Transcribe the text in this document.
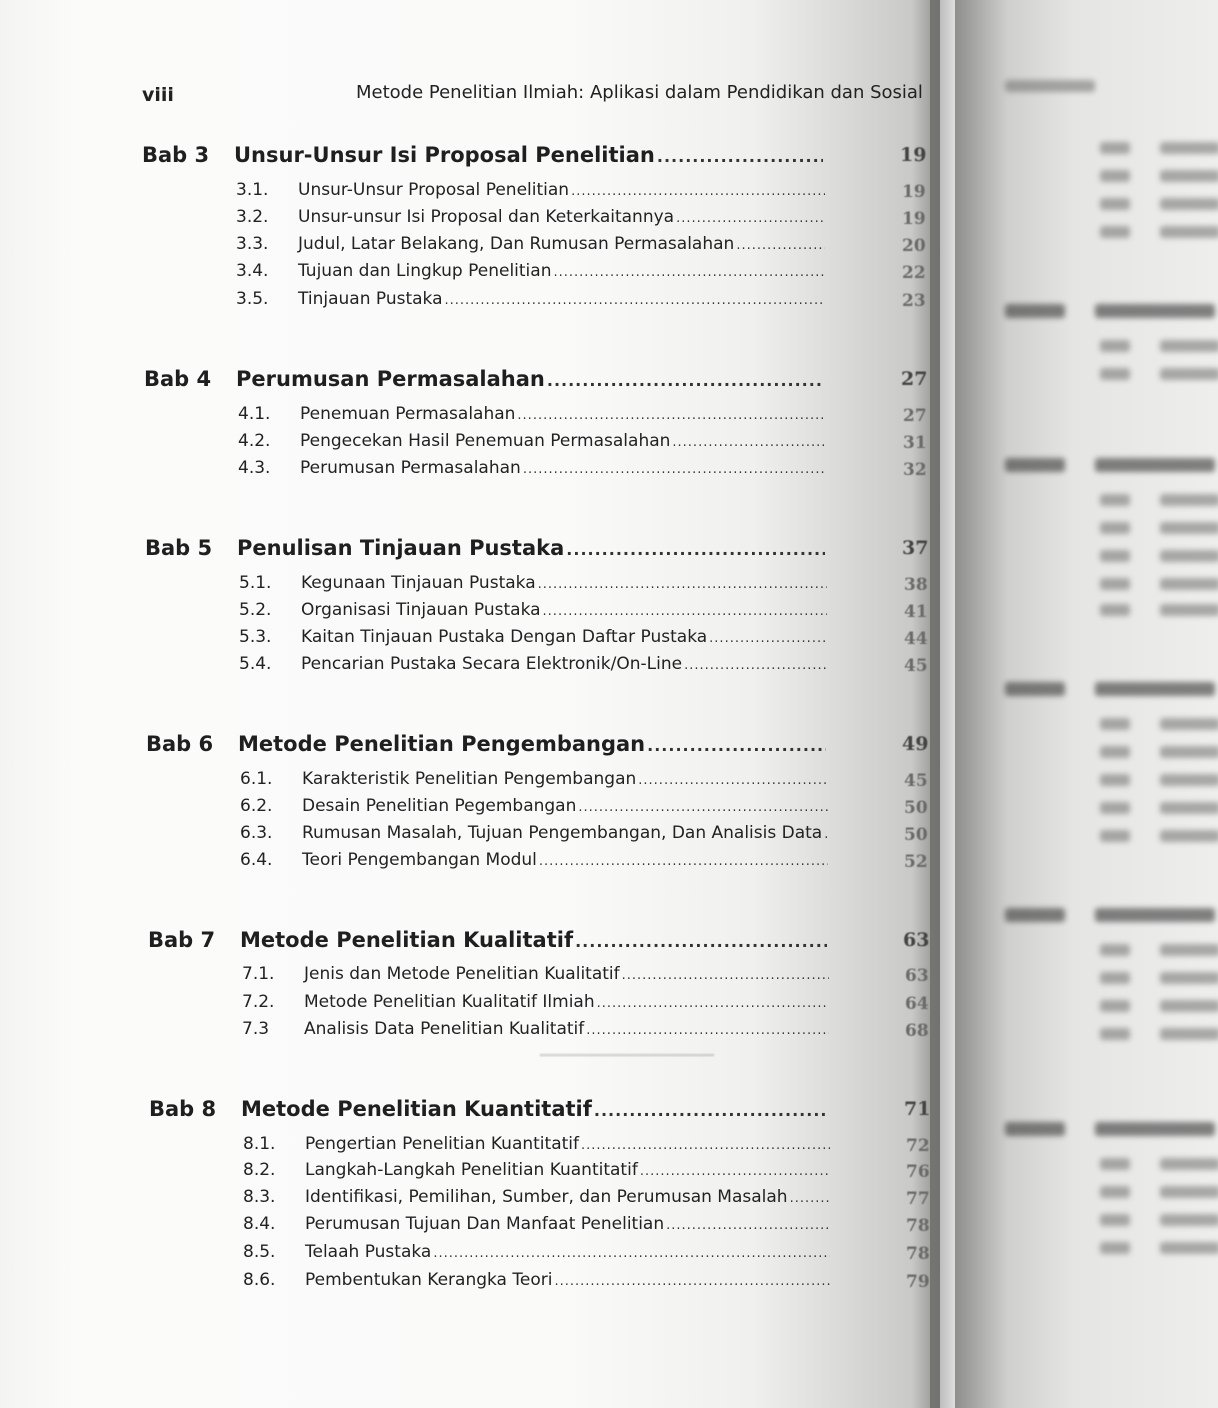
━━━━━━━━━━━━━━━━━
viii	Metode Penelitian Ilmiah: Aplikasi dalam Pendidikan dan Sosial
Bab 3	Unsur-Unsur Isi Proposal Penelitian .....	19
3.1.	Unsur-Unsur Proposal Penelitian .....	19
3.2.	Unsur-unsur Isi Proposal dan Keterkaitannya .....	19
3.3.	Judul, Latar Belakang, Dan Rumusan Permasalahan .....	20
3.4.	Tujuan dan Lingkup Penelitian .....	22
3.5.	Tinjauan Pustaka .....	23
Bab 4	Perumusan Permasalahan .....	27
4.1.	Penemuan Permasalahan .....	27
4.2.	Pengecekan Hasil Penemuan Permasalahan .....	31
4.3.	Perumusan Permasalahan .....	32
Bab 5	Penulisan Tinjauan Pustaka .....	37
5.1.	Kegunaan Tinjauan Pustaka .....	38
5.2.	Organisasi Tinjauan Pustaka .....	41
5.3.	Kaitan Tinjauan Pustaka Dengan Daftar Pustaka .....	44
5.4.	Pencarian Pustaka Secara Elektronik/On-Line .....	45
Bab 6	Metode Penelitian Pengembangan .....	49
6.1.	Karakteristik Penelitian Pengembangan .....	45
6.2.	Desain Penelitian Pegembangan .....	50
6.3.	Rumusan Masalah, Tujuan Pengembangan, Dan Analisis Data .....	50
6.4.	Teori Pengembangan Modul .....	52
Bab 7	Metode Penelitian Kualitatif .....	63
7.1.	Jenis dan Metode Penelitian Kualitatif .....	63
7.2.	Metode Penelitian Kualitatif Ilmiah .....	64
7.3	Analisis Data Penelitian Kualitatif .....	68
Bab 8	Metode Penelitian Kuantitatif .....	71
8.1.	Pengertian Penelitian Kuantitatif .....	72
8.2.	Langkah-Langkah Penelitian Kuantitatif .....	76
8.3.	Identifikasi, Pemilihan, Sumber, dan Perumusan Masalah .....	77
8.4.	Perumusan Tujuan Dan Manfaat Penelitian .....	78
8.5.	Telaah Pustaka .....	78
8.6.	Pembentukan Kerangka Teori .....	79
